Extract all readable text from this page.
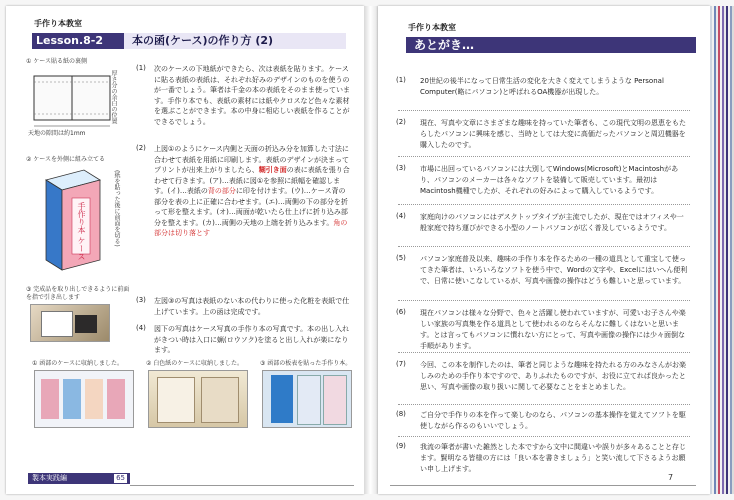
手作り本教室
Lesson.8-2	本の函(ケース)の作り方 (2)
① ケース貼る紙の裏側
厚さ分の余白の位置
天地の隙間は約1mm
② ケースを外側に組み立てる
手作り本 ケース	(紙を貼った後に前面を切る)
③ 完成品を取り出しできるように前面を指で引き出します
(1) 次のケースの下地紙ができたら、次は表紙を貼ります。ケースに貼る表紙の表紙は、それぞれ好みのデザインのものを使うのが一番でしょう。筆者は千金の本の表紙をそのまま使っています。手作り本でも、表紙の素材には紙やクロスなど色々な素材を選ぶことができます。本の中身に相応しい表紙を作ることができるでしょう。
(2) 上図①のようにケース内側と天面の折込み分を加算した寸法に合わせて表紙を用紙に印刷します。表紙のデザインが決まってプリントが出来上がりましたら、糊引き面の表に表紙を張り合わせて行きます。(ア)…表紙に図①を参照に紙幅を確認します。(イ)…表紙の背の部分に印を付けます。(ウ)…ケース背の部分を表の上に正確に合わせます。(エ)…両側の下の部分を折って形を整えます。(オ)…両面が乾いたら仕上げに折り込み部分を整えます。(カ)…両側の天地の上端を折り込みます。角の部分は切り落とす
(3) 左図③の写真は表紙のない本の代わりに使った化粧を表紙で仕上げています。上の函は完成です。
(4) 図下の写真はケース写真の手作り本の写真です。本の出し入れがきつい時は入口に蝋(ロウソク)を塗ると出し入れが楽になります。
① 函部のケースに収納しました。	② 白色紙のケースに収納しました。	③ 函部の板表を貼った手作り本。
製本実践編	65
手作り本教室
あとがき…
(1) 20世紀の後半になって日常生活の変化を大きく変えてしまうような Personal Computer(略にパソコン)と呼ばれるOA機器が出現した。
(2) 現在、写真や文章にさまざまな趣味を持っていた筆者も、この現代文明の恩恵をもたらしたパソコンに興味を感じ、当時としては大変に高価だったパソコンと周辺機器を購入したのです。
(3) 市場に出回っているパソコンには大別してWindows(Microsoft)とMacintoshがあり、パソコンのメーカーは各々なソフトを装備して販売しています。最初はMacintosh機種でしたが、それぞれの好みによって購入しているようです。
(4) 家庭向けのパソコンにはデスクトップタイプが主流でしたが、現在ではオフィスや一般家庭で持ち運びができる小型のノートパソコンが広く普及しているようです。
(5) パソコン家庭普及以来、趣味の手作り本を作るための一種の道具として重宝して使ってきた筆者は、いろいろなソフトを使う中で、Wordの文字や、Excelにはいへん便利で、日常に使いこなしているが、写真や画像の操作はどうも難しいと思っています。
(6) 現在パソコンは様々な分野で、色々と活躍し使われていますが、可愛いお子さんや楽しい家族の写真集を作る道具として使われるのならそんなに難しくはないと思います。とは言ってもパソコンに慣れない方にとって、写真や画像の操作には少々面倒な手順があります。
(7) 今回、この本を制作したのは、筆者と同じような趣味を持たれる方のみなさんがお楽しみのための手作り本ですので、ありふれたものですが、お役に立てれば良かったと思い、写真や画像の取り扱いに関して必要なことをまとめました。
(8) ご自分で手作りの本を作って楽しむのなら、パソコンの基本操作を覚えてソフトを駆使しながら作るのもいいでしょう。
(9) 我流の筆者が書いた雑然とした本ですから文中に間違いや誤りが多々あることと存じます。賢明なる皆様の方には「良い本を書きましょう」と笑い流して下さるようお願い申し上げます。
7
